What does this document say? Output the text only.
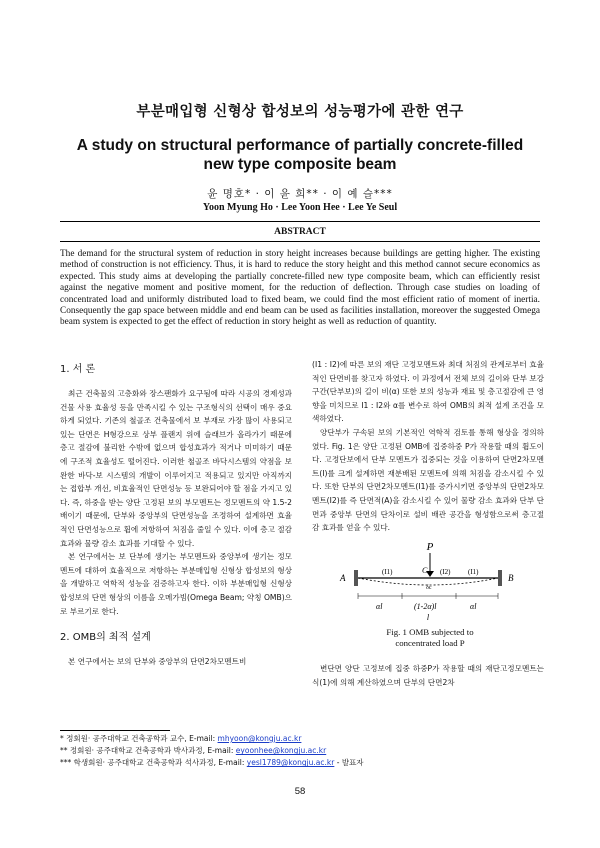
부분매입형 신형상 합성보의 성능평가에 관한 연구
A study on structural performance of partially concrete-filled
new type composite beam
윤 명호* · 이 윤 희** · 이 예 슬***
Yoon Myung Ho · Lee Yoon Hee · Lee Ye Seul
ABSTRACT
The demand for the structural system of reduction in story height increases because buildings are getting higher. The existing method of construction is not efficiency. Thus, it is hard to reduce the story height and this method cannot secure economics as expected. This study aims at developing the partially concrete-filled new type composite beam, which can efficiently resist against the negative moment and positive moment, for the reduction of deflection. Through case studies on loading of concentrated load and uniformly distributed load to fixed beam, we could find the most efficient ratio of moment of inertia. Consequently the gap space between middle and end beam can be used as facilities installation, moreover the suggested Omega beam system is expected to get the effect of reduction in story height as well as reduction of quantity.
1. 서 론
최근 건축물의 고층화와 장스팬화가 요구됨에 따라 시공의 경제성과 건물 사용 효율성 등을 만족시킬 수 있는 구조형식의 선택이 매우 중요하게 되었다. 기존의 철골조 건축물에서 보 부재로 가장 많이 사용되고 있는 단면은 H형강으로 상부 플랜지 위에 슬래브가 올라가기 때문에 층고 절감에 불리한 수밖에 없으며 합성효과가 적거나 미미하기 때문에 구조적 효율성도 떨어진다. 이러한 철골조 바닥시스템의 약점을 보완한 바닥-보 시스템의 개발이 이루어지고 적용되고 있지만 아직까지는 접합부 개선, 비효율적인 단면성능 등 보완되어야 할 점을 가지고 있다. 즉, 하중을 받는 양단 고정된 보의 부모멘트는 정모멘트의 약 1.5-2배이기 때문에, 단부와 중앙부의 단면성능을 조정하여 설계하면 효율적인 단면성능으로 휨에 저항하여 처짐을 줄일 수 있다. 이에 층고 절감 효과와 물량 감소 효과를 기대할 수 있다.
본 연구에서는 보 단부에 생기는 부모멘트와 중앙부에 생기는 정모멘트에 대하여 효율적으로 저항하는 부분매입형 신형상 합성보의 형상을 개발하고 역학적 성능을 검증하고자 한다. 이하 부분매입형 신형상 합성보의 단면 형상의 이름을 오메가빔(Omega Beam; 약칭 OMB)으로 부르기로 한다.
2. OMB의 최적 설계
본 연구에서는 보의 단부와 중앙부의 단면2차모멘트비
(I1 : I2)에 따른 보의 재단 고정모멘트와 최대 처짐의 관계로부터 효율적인 단면비를 찾고자 하였다. 이 과정에서 전체 보의 길이와 단부 보강구간(단부보)의 길이 비(α) 또한 보의 성능과 재료 및 층고절감에 큰 영향을 미치므로 I1 : I2와 α를 변수로 하여 OMB의 최적 설계 조건을 모색하였다.
양단부가 구속된 보의 기본적인 역학적 검토를 통해 형상을 정의하였다. Fig. 1은 양단 고정된 OMB에 집중하중 P가 작용할 때의 휨도이다. 고정단보에서 단부 모멘트가 집중되는 것을 이용하여 단면2차모멘트(I)를 크게 설계하면 재분배된 모멘트에 의해 처짐을 감소시킬 수 있다. 또한 단부의 단면2차모멘트(I1)를 증가시키면 중앙부의 단면2차모멘트(I2)를 즉 단면적(A)을 감소시킬 수 있어 물량 감소 효과와 단부 단면과 중앙부 단면의 단차이로 설비 배관 공간을 형성함으로써 층고절감 효과를 얻을 수 있다.
P
A	B
C
(I1)	(I2)	(I1)
δc
αl	(1-2α)l	αl
l
Fig. 1 OMB subjected to
concentrated load P
변단면 양단 고정보에 집중 하중P가 작용할 때의 재단고정모멘트는 식(1)에 의해 계산하였으며 단부의 단면2차
* 정회원· 공주대학교 건축공학과 교수, E-mail: mhyoon@kongju.ac.kr
** 정회원· 공주대학교 건축공학과 박사과정, E-mail: eyoonhee@kongju.ac.kr
*** 학생회원· 공주대학교 건축공학과 석사과정, E-mail: yesl1789@kongju.ac.kr - 발표자
58
